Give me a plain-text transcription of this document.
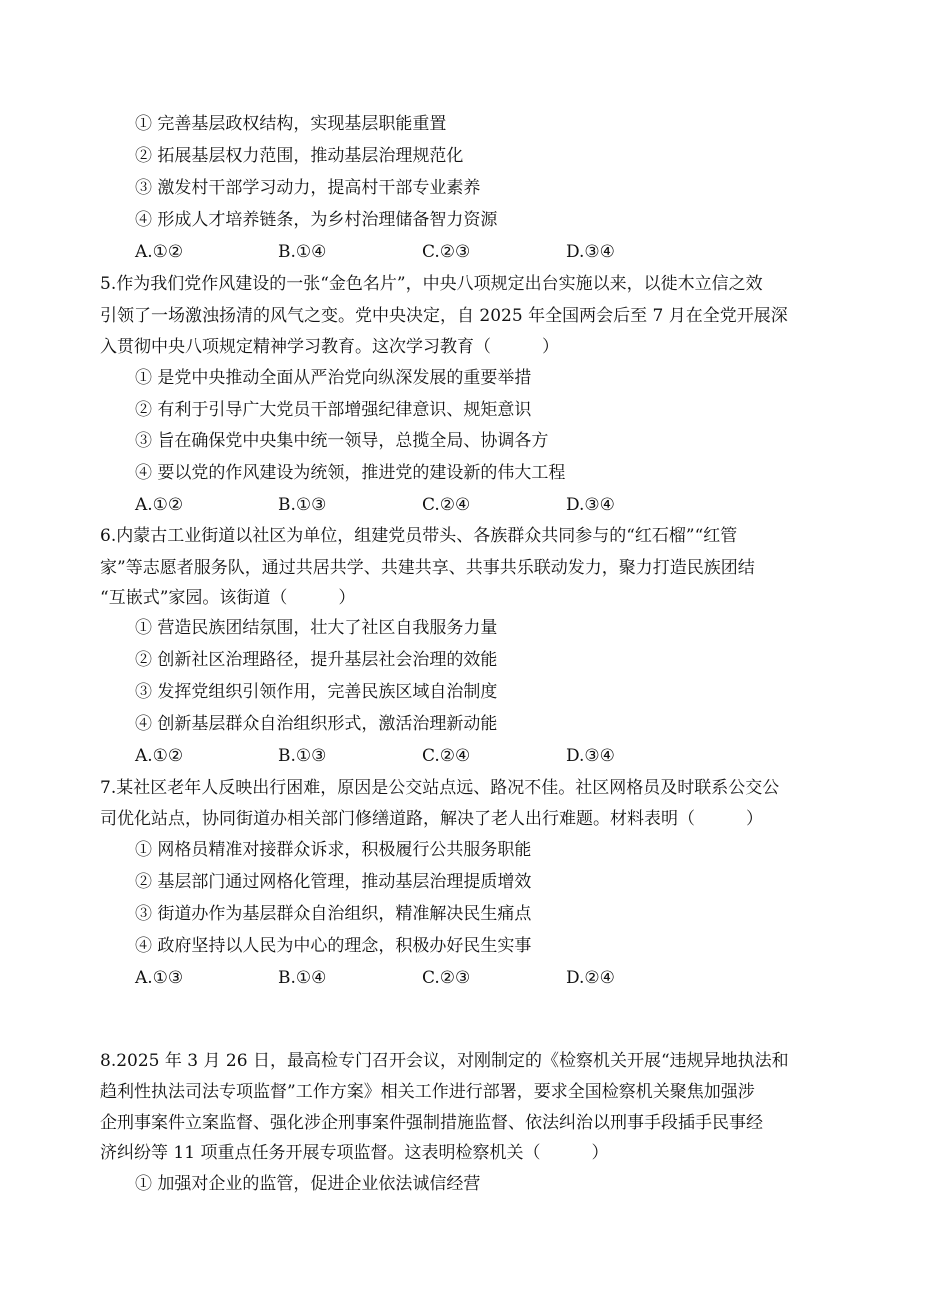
① 完善基层政权结构，实现基层职能重置
② 拓展基层权力范围，推动基层治理规范化
③ 激发村干部学习动力，提高村干部专业素养
④ 形成人才培养链条，为乡村治理储备智力资源
A.①②	B.①④	C.②③	D.③④
5.作为我们党作风建设的一张“金色名片”，中央八项规定出台实施以来，以徙木立信之效
引领了一场激浊扬清的风气之变。党中央决定，自 2025 年全国两会后至 7 月在全党开展深
入贯彻中央八项规定精神学习教育。这次学习教育（　　　）
① 是党中央推动全面从严治党向纵深发展的重要举措
② 有利于引导广大党员干部增强纪律意识、规矩意识
③ 旨在确保党中央集中统一领导，总揽全局、协调各方
④ 要以党的作风建设为统领，推进党的建设新的伟大工程
A.①②	B.①③	C.②④	D.③④
6.内蒙古工业街道以社区为单位，组建党员带头、各族群众共同参与的“红石榴”“红管
家”等志愿者服务队，通过共居共学、共建共享、共事共乐联动发力，聚力打造民族团结
“互嵌式”家园。该街道（　　　）
① 营造民族团结氛围，壮大了社区自我服务力量
② 创新社区治理路径，提升基层社会治理的效能
③ 发挥党组织引领作用，完善民族区域自治制度
④ 创新基层群众自治组织形式，激活治理新动能
A.①②	B.①③	C.②④	D.③④
7.某社区老年人反映出行困难，原因是公交站点远、路况不佳。社区网格员及时联系公交公
司优化站点，协同街道办相关部门修缮道路，解决了老人出行难题。材料表明（　　　）
① 网格员精准对接群众诉求，积极履行公共服务职能
② 基层部门通过网格化管理，推动基层治理提质增效
③ 街道办作为基层群众自治组织，精准解决民生痛点
④ 政府坚持以人民为中心的理念，积极办好民生实事
A.①③	B.①④	C.②③	D.②④
8.2025 年 3 月 26 日，最高检专门召开会议，对刚制定的《检察机关开展“违规异地执法和
趋利性执法司法专项监督”工作方案》相关工作进行部署，要求全国检察机关聚焦加强涉
企刑事案件立案监督、强化涉企刑事案件强制措施监督、依法纠治以刑事手段插手民事经
济纠纷等 11 项重点任务开展专项监督。这表明检察机关（　　　）
① 加强对企业的监管，促进企业依法诚信经营
